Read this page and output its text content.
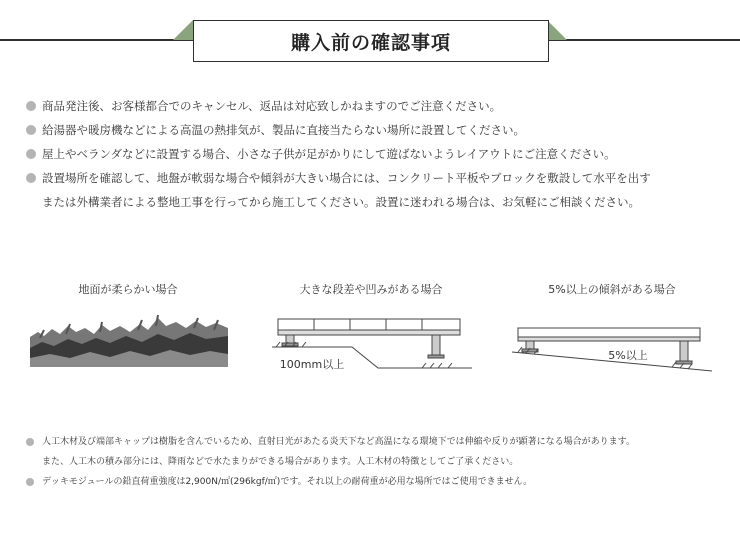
購入前の確認事項
商品発注後、お客様都合でのキャンセル、返品は対応致しかねますのでご注意ください。
給湯器や暖房機などによる高温の熱排気が、製品に直接当たらない場所に設置してください。
屋上やベランダなどに設置する場合、小さな子供が足がかりにして遊ばないようレイアウトにご注意ください。
設置場所を確認して、地盤が軟弱な場合や傾斜が大きい場合には、コンクリート平板やブロックを敷設して水平を出す
または外構業者による整地工事を行ってから施工してください。設置に迷われる場合は、お気軽にご相談ください。
地面が柔らかい場合	大きな段差や凹みがある場合	5%以上の傾斜がある場合
100mm以上
5%以上
人工木材及び端部キャップは樹脂を含んでいるため、直射日光があたる炎天下など高温になる環境下では伸縮や反りが顕著になる場合があります。
また、人工木の積み部分には、降雨などで水たまりができる場合があります。人工木材の特徴としてご了承ください。
デッキモジュールの鉛直荷重強度は2,900N/㎡(296kgf/㎡)です。それ以上の耐荷重が必用な場所ではご使用できません。
